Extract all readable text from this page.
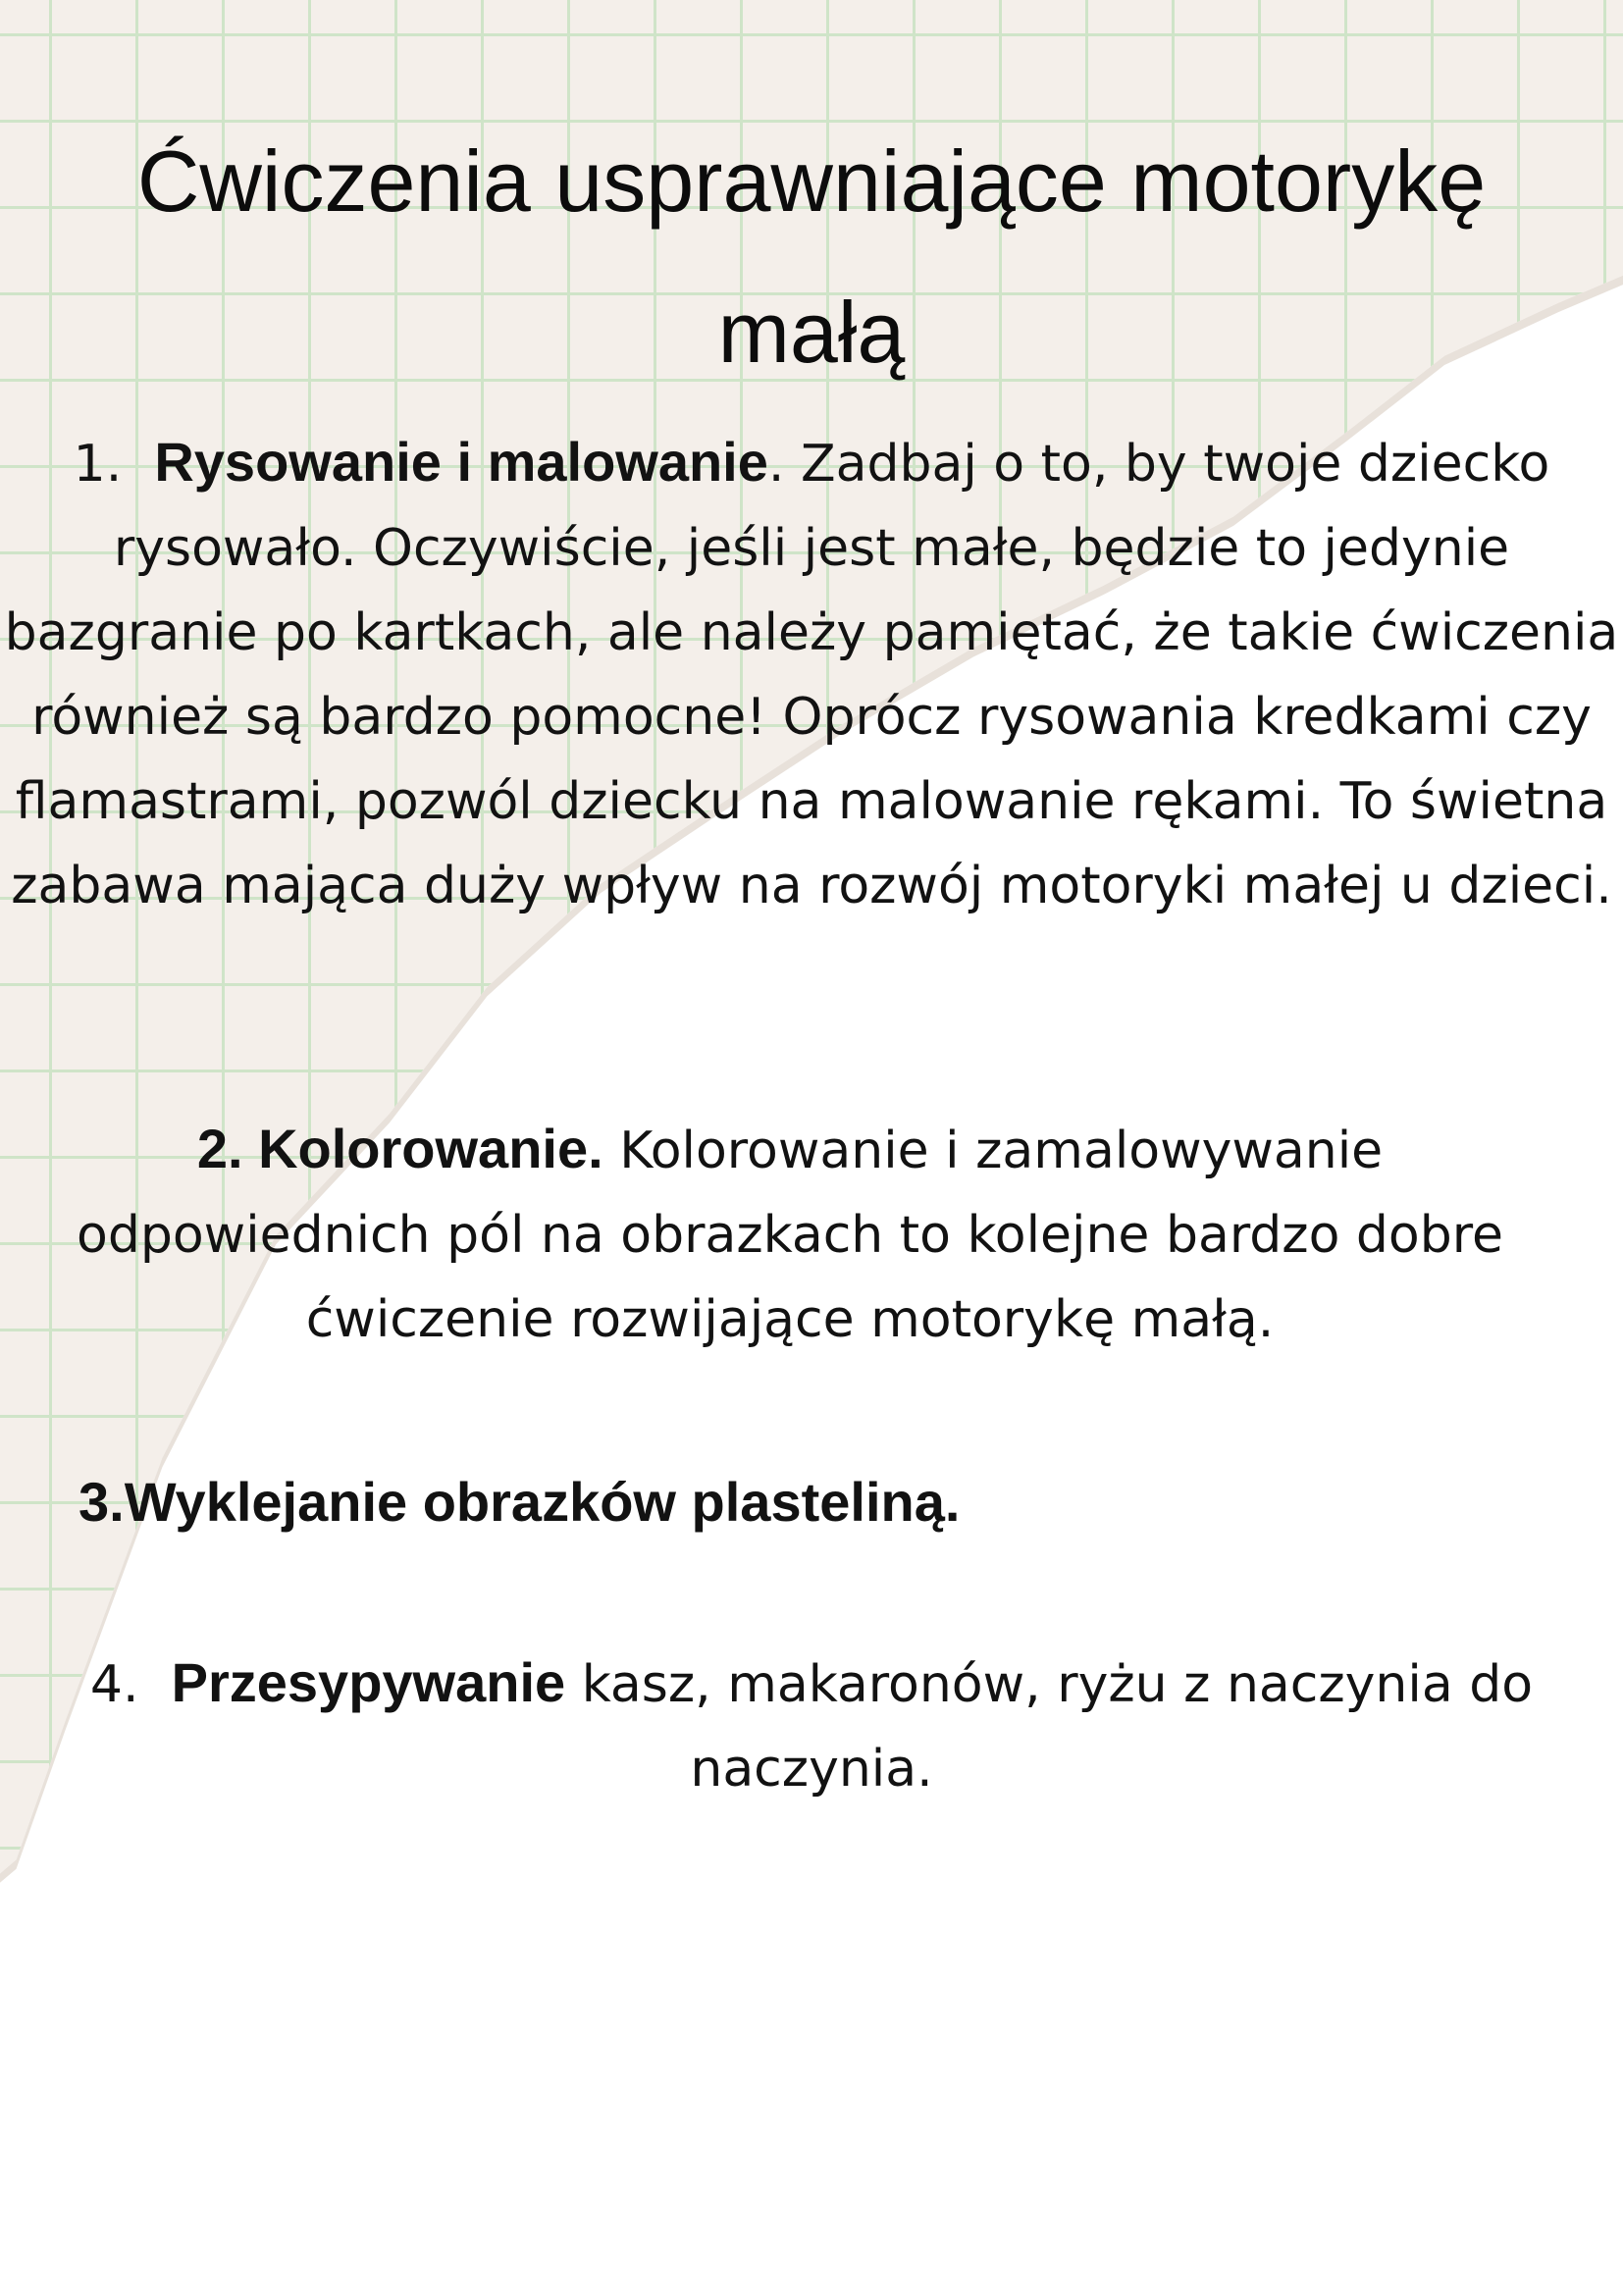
Ćwiczenia usprawniające motorykę małą

1. Rysowanie i malowanie. Zadbaj o to, by twoje dziecko rysowało. Oczywiście, jeśli jest małe, będzie to jedynie bazgranie po kartkach, ale należy pamiętać, że takie ćwiczenia również są bardzo pomocne! Oprócz rysowania kredkami czy flamastrami, pozwól dziecku na malowanie rękami. To świetna zabawa mająca duży wpływ na rozwój motoryki małej u dzieci.

2. Kolorowanie. Kolorowanie i zamalowywanie odpowiednich pól na obrazkach to kolejne bardzo dobre ćwiczenie rozwijające motorykę małą.

3.Wyklejanie obrazków plasteliną.

4. Przesypywanie kasz, makaronów, ryżu z naczynia do naczynia.
